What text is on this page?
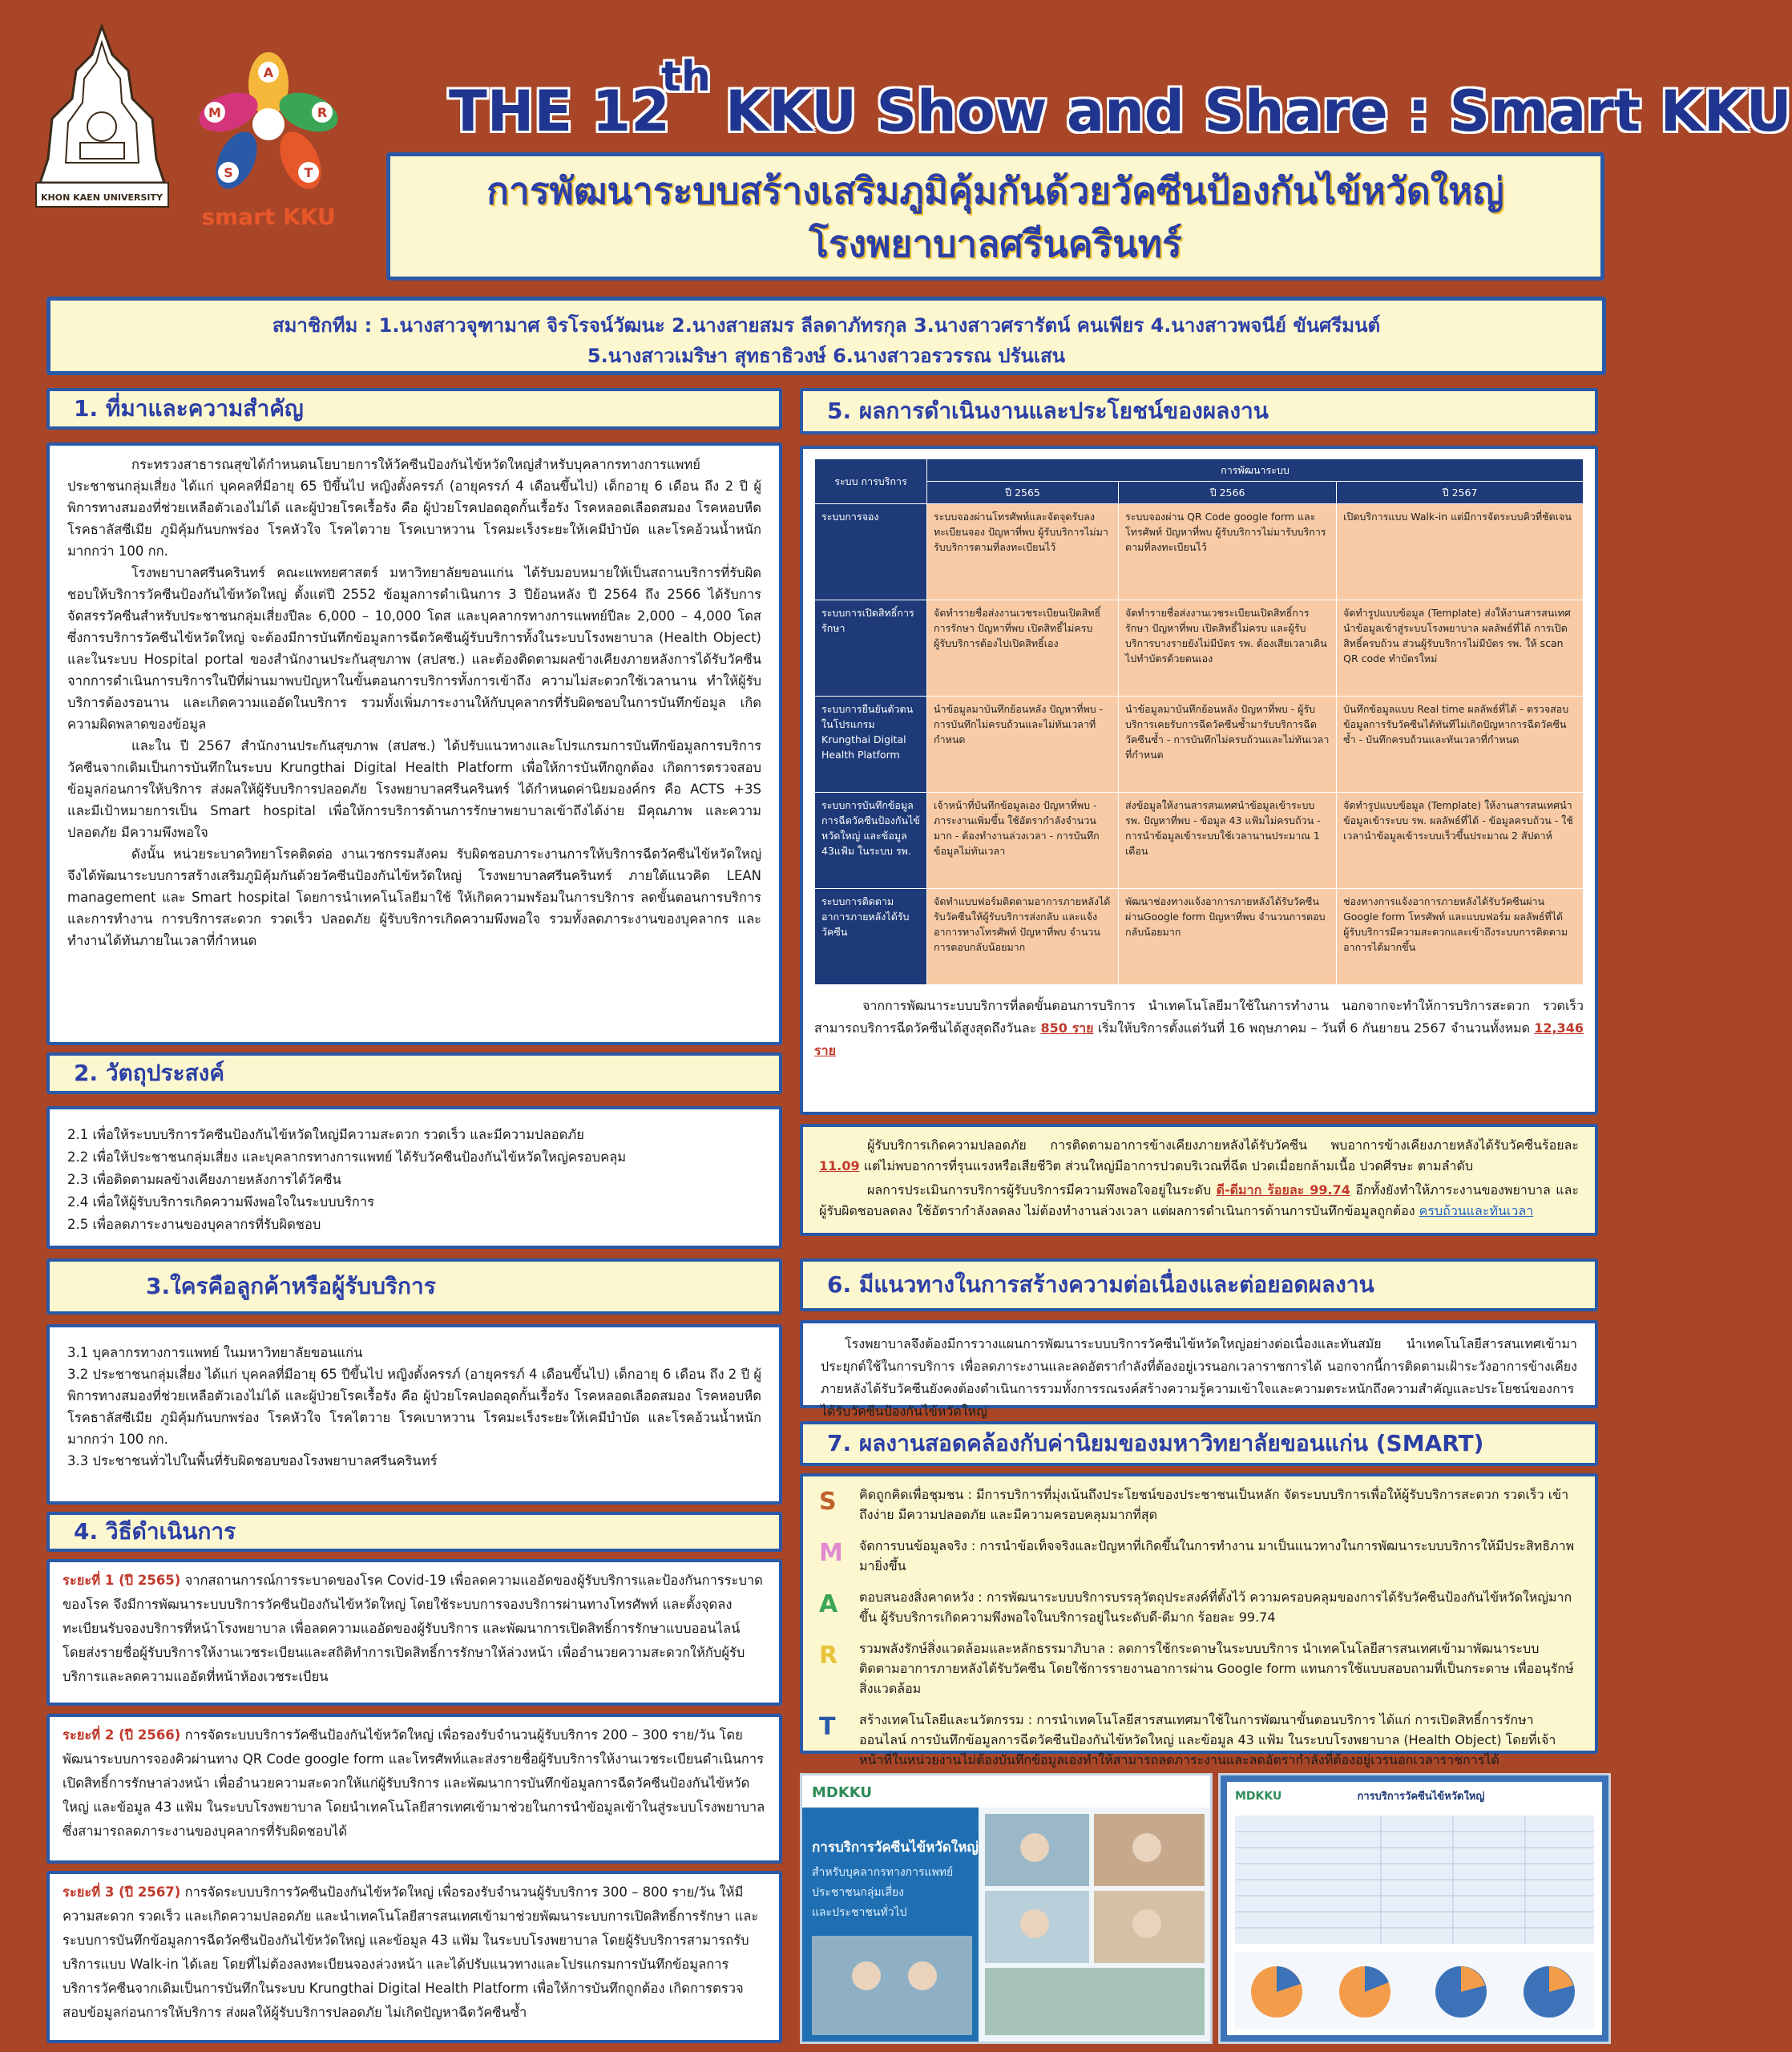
KHON KAEN UNIVERSITY
A
M	R
S	T
smart KKU
THE 12
th
KKU Show and Share : Smart KKU
การพัฒนาระบบสร้างเสริมภูมิคุ้มกันด้วยวัคซีนป้องกันไข้หวัดใหญ่
โรงพยาบาลศรีนครินทร์
สมาชิกทีม : 1.นางสาวจุฑามาศ จิรโรจน์วัฒนะ 2.นางสายสมร ลีลดาภัทรกุล 3.นางสาวศรารัตน์ คนเพียร 4.นางสาวพจนีย์ ขันศรีมนต์
5.นางสาวเมริษา สุทธาธิวงษ์ 6.นางสาวอรวรรณ ปรันเสน
1. ที่มาและความสำคัญ

กระทรวงสาธารณสุขได้กำหนดนโยบายการให้วัคซีนป้องกันไข้หวัดใหญ่สำหรับบุคลากรทางการแพทย์ ประชาชนกลุ่มเสี่ยง ได้แก่ บุคคลที่มีอายุ 65 ปีขึ้นไป หญิงตั้งครรภ์ (อายุครรภ์ 4 เดือนขึ้นไป) เด็กอายุ 6 เดือน ถึง 2 ปี ผู้พิการทางสมองที่ช่วยเหลือตัวเองไม่ได้ และผู้ป่วยโรคเรื้อรัง คือ ผู้ป่วยโรคปอดอุดกั้นเรื้อรัง โรคหลอดเลือดสมอง โรคหอบหืด โรคธาลัสซีเมีย ภูมิคุ้มกันบกพร่อง โรคหัวใจ โรคไตวาย โรคเบาหวาน โรคมะเร็งระยะให้เคมีบำบัด และโรคอ้วนน้ำหนักมากกว่า 100 กก.

โรงพยาบาลศรีนครินทร์ คณะแพทยศาสตร์ มหาวิทยาลัยขอนแก่น ได้รับมอบหมายให้เป็นสถานบริการที่รับผิดชอบให้บริการวัคซีนป้องกันไข้หวัดใหญ่ ตั้งแต่ปี 2552 ข้อมูลการดำเนินการ 3 ปีย้อนหลัง ปี 2564 ถึง 2566 ได้รับการจัดสรรวัคซีนสำหรับประชาชนกลุ่มเสี่ยงปีละ 6,000 – 10,000 โดส และบุคลากรทางการแพทย์ปีละ 2,000 – 4,000 โดส ซึ่งการบริการวัคซีนไข้หวัดใหญ่ จะต้องมีการบันทึกข้อมูลการฉีดวัคซีนผู้รับบริการทั้งในระบบโรงพยาบาล (Health Object) และในระบบ Hospital portal ของสำนักงานประกันสุขภาพ (สปสช.) และต้องติดตามผลข้างเคียงภายหลังการได้รับวัคซีน จากการดำเนินการบริการในปีที่ผ่านมาพบปัญหาในขั้นตอนการบริการทั้งการเข้าถึง ความไม่สะดวกใช้เวลานาน ทำให้ผู้รับบริการต้องรอนาน และเกิดความแออัดในบริการ รวมทั้งเพิ่มภาระงานให้กับบุคลากรที่รับผิดชอบในการบันทึกข้อมูล เกิดความผิดพลาดของข้อมูล

และใน ปี 2567 สำนักงานประกันสุขภาพ (สปสช.) ได้ปรับแนวทางและโปรแกรมการบันทึกข้อมูลการบริการวัคซีนจากเดิมเป็นการบันทึกในระบบ Krungthai Digital Health Platform เพื่อให้การบันทึกถูกต้อง เกิดการตรวจสอบข้อมูลก่อนการให้บริการ ส่งผลให้ผู้รับบริการปลอดภัย โรงพยาบาลศรีนครินทร์ ได้กำหนดค่านิยมองค์กร คือ ACTS +3S และมีเป้าหมายการเป็น Smart hospital เพื่อให้การบริการด้านการรักษาพยาบาลเข้าถึงได้ง่าย มีคุณภาพ และความปลอดภัย มีความพึงพอใจ

ดังนั้น หน่วยระบาดวิทยาโรคติดต่อ งานเวชกรรมสังคม รับผิดชอบภาระงานการให้บริการฉีดวัคซีนไข้หวัดใหญ่ จึงได้พัฒนาระบบการสร้างเสริมภูมิคุ้มกันด้วยวัคซีนป้องกันไข้หวัดใหญ่ โรงพยาบาลศรีนครินทร์ ภายใต้แนวคิด LEAN management และ Smart hospital โดยการนำเทคโนโลยีมาใช้ ให้เกิดความพร้อมในการบริการ ลดขั้นตอนการบริการและการทำงาน การบริการสะดวก รวดเร็ว ปลอดภัย ผู้รับบริการเกิดความพึงพอใจ รวมทั้งลดภาระงานของบุคลากร และทำงานได้ทันภายในเวลาที่กำหนด

2. วัตถุประสงค์
2.1 เพื่อให้ระบบบริการวัคซีนป้องกันไข้หวัดใหญ่มีความสะดวก รวดเร็ว และมีความปลอดภัย
2.2 เพื่อให้ประชาชนกลุ่มเสี่ยง และบุคลากรทางการแพทย์ ได้รับวัคซีนป้องกันไข้หวัดใหญ่ครอบคลุม
2.3 เพื่อติดตามผลข้างเคียงภายหลังการได้วัคซีน
2.4 เพื่อให้ผู้รับบริการเกิดความพึงพอใจในระบบบริการ
2.5 เพื่อลดภาระงานของบุคลากรที่รับผิดชอบ
3.ใครคือลูกค้าหรือผู้รับบริการ

3.1 บุคลากรทางการแพทย์ ในมหาวิทยาลัยขอนแก่น

3.2 ประชาชนกลุ่มเสี่ยง ได้แก่ บุคคลที่มีอายุ 65 ปีขึ้นไป หญิงตั้งครรภ์ (อายุครรภ์ 4 เดือนขึ้นไป) เด็กอายุ 6 เดือน ถึง 2 ปี ผู้พิการทางสมองที่ช่วยเหลือตัวเองไม่ได้ และผู้ป่วยโรคเรื้อรัง คือ ผู้ป่วยโรคปอดอุดกั้นเรื้อรัง โรคหลอดเลือดสมอง โรคหอบหืด โรคธาลัสซีเมีย ภูมิคุ้มกันบกพร่อง โรคหัวใจ โรคไตวาย โรคเบาหวาน โรคมะเร็งระยะให้เคมีบำบัด และโรคอ้วนน้ำหนักมากกว่า 100 กก.

3.3 ประชาชนทั่วไปในพื้นที่รับผิดชอบของโรงพยาบาลศรีนครินทร์

4. วิธีดำเนินการ

ระยะที่ 1 (ปี 2565) จากสถานการณ์การระบาดของโรค Covid-19 เพื่อลดความแออัดของผู้รับบริการและป้องกันการระบาดของโรค จึงมีการพัฒนาระบบบริการวัคซีนป้องกันไข้หวัดใหญ่ โดยใช้ระบบการจองบริการผ่านทางโทรศัพท์ และตั้งจุดลงทะเบียนรับจองบริการที่หน้าโรงพยาบาล เพื่อลดความแออัดของผู้รับบริการ และพัฒนาการเปิดสิทธิ์การรักษาแบบออนไลน์ โดยส่งรายชื่อผู้รับบริการให้งานเวชระเบียนและสถิติทำการเปิดสิทธิ์การรักษาให้ล่วงหน้า เพื่ออำนวยความสะดวกให้กับผู้รับบริการและลดความแออัดที่หน้าห้องเวชระเบียน

ระยะที่ 2 (ปี 2566) การจัดระบบบริการวัคซีนป้องกันไข้หวัดใหญ่ เพื่อรองรับจำนวนผู้รับบริการ 200 – 300 ราย/วัน โดยพัฒนาระบบการจองคิวผ่านทาง QR Code google form และโทรศัพท์และส่งรายชื่อผู้รับบริการให้งานเวชระเบียนดำเนินการเปิดสิทธิ์การรักษาล่วงหน้า เพื่ออำนวยความสะดวกให้แก่ผู้รับบริการ และพัฒนาการบันทึกข้อมูลการฉีดวัคซีนป้องกันไข้หวัดใหญ่ และข้อมูล 43 แฟ้ม ในระบบโรงพยาบาล โดยนำเทคโนโลยีสารเทศเข้ามาช่วยในการนำข้อมูลเข้าในสู่ระบบโรงพยาบาล ซึ่งสามารถลดภาระงานของบุคลากรที่รับผิดชอบได้

ระยะที่ 3 (ปี 2567) การจัดระบบบริการวัคซีนป้องกันไข้หวัดใหญ่ เพื่อรองรับจำนวนผู้รับบริการ 300 – 800 ราย/วัน ให้มีความสะดวก รวดเร็ว และเกิดความปลอดภัย และนำเทคโนโลยีสารสนเทศเข้ามาช่วยพัฒนาระบบการเปิดสิทธิ์การรักษา และระบบการบันทึกข้อมูลการฉีดวัคซีนป้องกันไข้หวัดใหญ่ และข้อมูล 43 แฟ้ม ในระบบโรงพยาบาล โดยผู้รับบริการสามารถรับบริการแบบ Walk-in ได้เลย โดยที่ไม่ต้องลงทะเบียนจองล่วงหน้า และได้ปรับแนวทางและโปรแกรมการบันทึกข้อมูลการบริการวัคซีนจากเดิมเป็นการบันทึกในระบบ Krungthai Digital Health Platform เพื่อให้การบันทึกถูกต้อง เกิดการตรวจสอบข้อมูลก่อนการให้บริการ ส่งผลให้ผู้รับบริการปลอดภัย ไม่เกิดปัญหาฉีดวัคซีนซ้ำ

5. ผลการดำเนินงานและประโยชน์ของผลงาน
ระบบ การบริการ	การพัฒนาระบบ		
	ปี 2565	ปี 2566	ปี 2567
ระบบการจอง	ระบบจองผ่านโทรศัพท์และจัดจุดรับลงทะเบียนจอง ปัญหาที่พบ ผู้รับบริการไม่มารับบริการตามที่ลงทะเบียนไว้	ระบบจองผ่าน QR Code google form และโทรศัพท์ ปัญหาที่พบ ผู้รับบริการไม่มารับบริการตามที่ลงทะเบียนไว้	เปิดบริการแบบ Walk-in แต่มีการจัดระบบคิวที่ชัดเจน
ระบบการเปิดสิทธิ์การรักษา	จัดทำรายชื่อส่งงานเวชระเบียนเปิดสิทธิ์การรักษา ปัญหาที่พบ เปิดสิทธิ์ไม่ครบ ผู้รับบริการต้องไปเปิดสิทธิ์เอง	จัดทำรายชื่อส่งงานเวชระเบียนเปิดสิทธิ์การรักษา ปัญหาที่พบ เปิดสิทธิ์ไม่ครบ และผู้รับบริการบางรายยังไม่มีบัตร รพ. ต้องเสียเวลาเดินไปทำบัตรด้วยตนเอง	จัดทำรูปแบบข้อมูล (Template) ส่งให้งานสารสนเทศนำข้อมูลเข้าสู่ระบบโรงพยาบาล ผลลัพธ์ที่ได้ การเปิดสิทธิ์ครบถ้วน ส่วนผู้รับบริการไม่มีบัตร รพ. ให้ scan QR code ทำบัตรใหม่
ระบบการยืนยันตัวตนในโปรแกรม Krungthai Digital Health Platform	นำข้อมูลมาบันทึกย้อนหลัง ปัญหาที่พบ - การบันทึกไม่ครบถ้วนและไม่ทันเวลาที่กำหนด	นำข้อมูลมาบันทึกย้อนหลัง ปัญหาที่พบ - ผู้รับบริการเคยรับการฉีดวัคซีนซ้ำมารับบริการฉีดวัคซีนซ้ำ - การบันทึกไม่ครบถ้วนและไม่ทันเวลาที่กำหนด	บันทึกข้อมูลแบบ Real time ผลลัพธ์ที่ได้ - ตรวจสอบข้อมูลการรับวัคซีนได้ทันทีไม่เกิดปัญหาการฉีดวัคซีนซ้ำ - บันทึกครบถ้วนและทันเวลาที่กำหนด
ระบบการบันทึกข้อมูลการฉีดวัคซีนป้องกันไข้หวัดใหญ่ และข้อมูล 43แฟ้ม ในระบบ รพ.	เจ้าหน้าที่บันทึกข้อมูลเอง ปัญหาที่พบ - ภาระงานเพิ่มขึ้น ใช้อัตรากำลังจำนวนมาก - ต้องทำงานล่วงเวลา - การบันทึกข้อมูลไม่ทันเวลา	ส่งข้อมูลให้งานสารสนเทศนำข้อมูลเข้าระบบ รพ. ปัญหาที่พบ - ข้อมูล 43 แฟ้มไม่ครบถ้วน - การนำข้อมูลเข้าระบบใช้เวลานานประมาณ 1 เดือน	จัดทำรูปแบบข้อมูล (Template) ให้งานสารสนเทศนำข้อมูลเข้าระบบ รพ. ผลลัพธ์ที่ได้ - ข้อมูลครบถ้วน - ใช้เวลานำข้อมูลเข้าระบบเร็วขึ้นประมาณ 2 สัปดาห์
ระบบการติดตามอาการภายหลังได้รับวัคซีน	จัดทำแบบฟอร์มติดตามอาการภายหลังได้รับวัคซีนให้ผู้รับบริการส่งกลับ และแจ้งอาการทางโทรศัพท์ ปัญหาที่พบ จำนวนการตอบกลับน้อยมาก	พัฒนาช่องทางแจ้งอาการภายหลังได้รับวัคซีน ผ่านGoogle form ปัญหาที่พบ จำนวนการตอบกลับน้อยมาก	ช่องทางการแจ้งอาการภายหลังได้รับวัคซีนผ่าน Google form โทรศัพท์ และแบบฟอร์ม ผลลัพธ์ที่ได้ ผู้รับบริการมีความสะดวกและเข้าถึงระบบการติดตามอาการได้มากขึ้น

จากการพัฒนาระบบบริการที่ลดขั้นตอนการบริการ นำเทคโนโลยีมาใช้ในการทำงาน นอกจากจะทำให้การบริการสะดวก รวดเร็วสามารถบริการฉีดวัคซีนได้สูงสุดถึงวันละ 850 ราย เริ่มให้บริการตั้งแต่วันที่ 16 พฤษภาคม – วันที่ 6 กันยายน 2567 จำนวนทั้งหมด 12,346 ราย

ผู้รับบริการเกิดความปลอดภัย การติดตามอาการข้างเคียงภายหลังได้รับวัคซีน พบอาการข้างเคียงภายหลังได้รับวัคซีนร้อยละ 11.09 แต่ไม่พบอาการที่รุนแรงหรือเสียชีวิต ส่วนใหญ่มีอาการปวดบริเวณที่ฉีด ปวดเมื่อยกล้ามเนื้อ ปวดศีรษะ ตามลำดับ

ผลการประเมินการบริการผู้รับบริการมีความพึงพอใจอยู่ในระดับ ดี-ดีมาก ร้อยละ 99.74 อีกทั้งยังทำให้ภาระงานของพยาบาล และผู้รับผิดชอบลดลง ใช้อัตรากำลังลดลง ไม่ต้องทำงานล่วงเวลา แต่ผลการดำเนินการด้านการบันทึกข้อมูลถูกต้อง ครบถ้วนและทันเวลา

6. มีแนวทางในการสร้างความต่อเนื่องและต่อยอดผลงาน

โรงพยาบาลจึงต้องมีการวางแผนการพัฒนาระบบบริการวัคซีนไข้หวัดใหญ่อย่างต่อเนื่องและทันสมัย นำเทคโนโลยีสารสนเทศเข้ามาประยุกต์ใช้ในการบริการ เพื่อลดภาระงานและลดอัตรากำลังที่ต้องอยู่เวรนอกเวลาราชการได้ นอกจากนี้การติดตามเฝ้าระวังอาการข้างเคียงภายหลังได้รับวัคซีนยังคงต้องดำเนินการรวมทั้งการรณรงค์สร้างความรู้ความเข้าใจและความตระหนักถึงความสำคัญและประโยชน์ของการได้รับวัคซีนป้องกันไข้หวัดใหญ่

7. ผลงานสอดคล้องกับค่านิยมของมหาวิทยาลัยขอนแก่น (SMART)
S	คิดถูกคิดเพื่อชุมชน : มีการบริการที่มุ่งเน้นถึงประโยชน์ของประชาชนเป็นหลัก จัดระบบบริการเพื่อให้ผู้รับบริการสะดวก รวดเร็ว เข้าถึงง่าย มีความปลอดภัย และมีความครอบคลุมมากที่สุด
M	จัดการบนข้อมูลจริง : การนำข้อเท็จจริงและปัญหาที่เกิดขึ้นในการทำงาน มาเป็นแนวทางในการพัฒนาระบบบริการให้มีประสิทธิภาพมายิ่งขึ้น
A	ตอบสนองสิ่งคาดหวัง : การพัฒนาระบบบริการบรรลุวัตถุประสงค์ที่ตั้งไว้ ความครอบคลุมของการได้รับวัคซีนป้องกันไข้หวัดใหญ่มากขึ้น ผู้รับบริการเกิดความพึงพอใจในบริการอยู่ในระดับดี-ดีมาก ร้อยละ 99.74
R	รวมพลังรักษ์สิ่งแวดล้อมและหลักธรรมาภิบาล : ลดการใช้กระดาษในระบบบริการ นำเทคโนโลยีสารสนเทศเข้ามาพัฒนาระบบติดตามอาการภายหลังได้รับวัคซีน โดยใช้การรายงานอาการผ่าน Google form แทนการใช้แบบสอบถามที่เป็นกระดาษ เพื่ออนุรักษ์สิ่งแวดล้อม
T	สร้างเทคโนโลยีและนวัตกรรม : การนำเทคโนโลยีสารสนเทศมาใช้ในการพัฒนาขั้นตอนบริการ ได้แก่ การเปิดสิทธิ์การรักษาออนไลน์ การบันทึกข้อมูลการฉีดวัคซีนป้องกันไข้หวัดใหญ่ และข้อมูล 43 แฟ้ม ในระบบโรงพยาบาล (Health Object) โดยที่เจ้าหน้าที่ในหน่วยงานไม่ต้องบันทึกข้อมูลเองทำให้สามารถลดภาระงานและลดอัตรากำลังที่ต้องอยู่เวรนอกเวลาราชการได้
MDKKU
การบริการวัคซีนไข้หวัดใหญ่
สำหรับบุคลากรทางการแพทย์
ประชาชนกลุ่มเสี่ยง
และประชาชนทั่วไป
MDKKU	การบริการวัคซีนไข้หวัดใหญ่
